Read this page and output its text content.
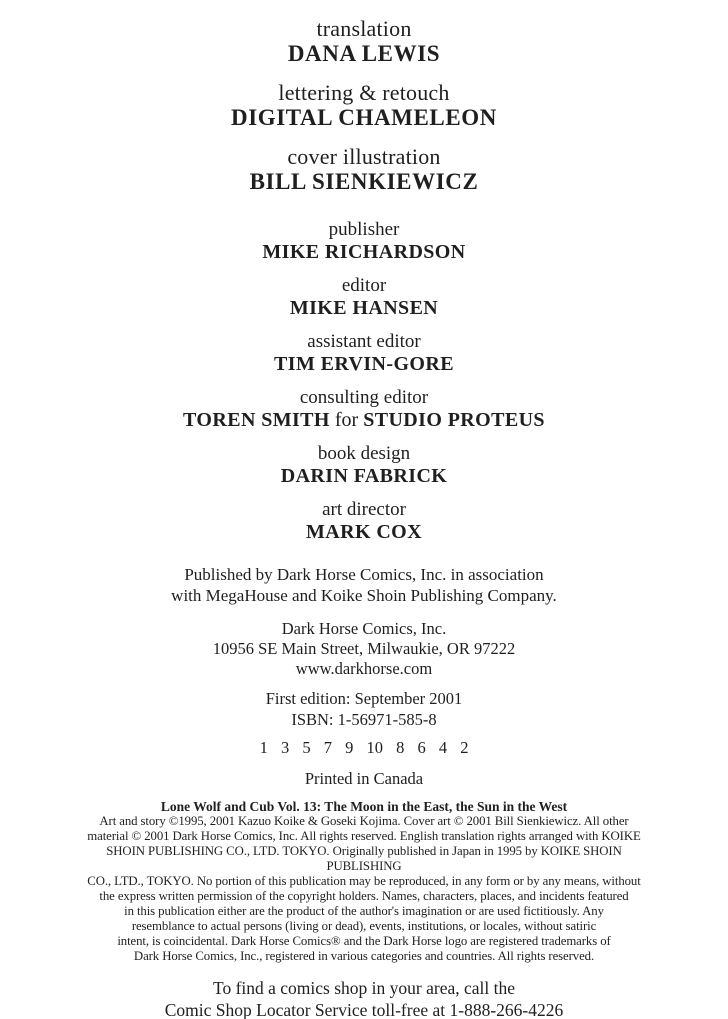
translation
DANA LEWIS
lettering & retouch
DIGITAL CHAMELEON
cover illustration
BILL SIENKIEWICZ
publisher
MIKE RICHARDSON
editor
MIKE HANSEN
assistant editor
TIM ERVIN-GORE
consulting editor
TOREN SMITH for STUDIO PROTEUS
book design
DARIN FABRICK
art director
MARK COX
Published by Dark Horse Comics, Inc. in association
with MegaHouse and Koike Shoin Publishing Company.
Dark Horse Comics, Inc.
10956 SE Main Street, Milwaukie, OR 97222
www.darkhorse.com
First edition: September 2001
ISBN: 1-56971-585-8
1 3 5 7 9 10 8 6 4 2
Printed in Canada
Lone Wolf and Cub Vol. 13: The Moon in the East, the Sun in the West
Art and story ©1995, 2001 Kazuo Koike & Goseki Kojima. Cover art © 2001 Bill Sienkiewicz. All other
material © 2001 Dark Horse Comics, Inc. All rights reserved. English translation rights arranged with KOIKE
SHOIN PUBLISHING CO., LTD. TOKYO. Originally published in Japan in 1995 by KOIKE SHOIN PUBLISHING
CO., LTD., TOKYO. No portion of this publication may be reproduced, in any form or by any means, without
the express written permission of the copyright holders. Names, characters, places, and incidents featured
in this publication either are the product of the author's imagination or are used fictitiously. Any
resemblance to actual persons (living or dead), events, institutions, or locales, without satiric
intent, is coincidental. Dark Horse Comics® and the Dark Horse logo are registered trademarks of
Dark Horse Comics, Inc., registered in various categories and countries. All rights reserved.
To find a comics shop in your area, call the
Comic Shop Locator Service toll-free at 1-888-266-4226
